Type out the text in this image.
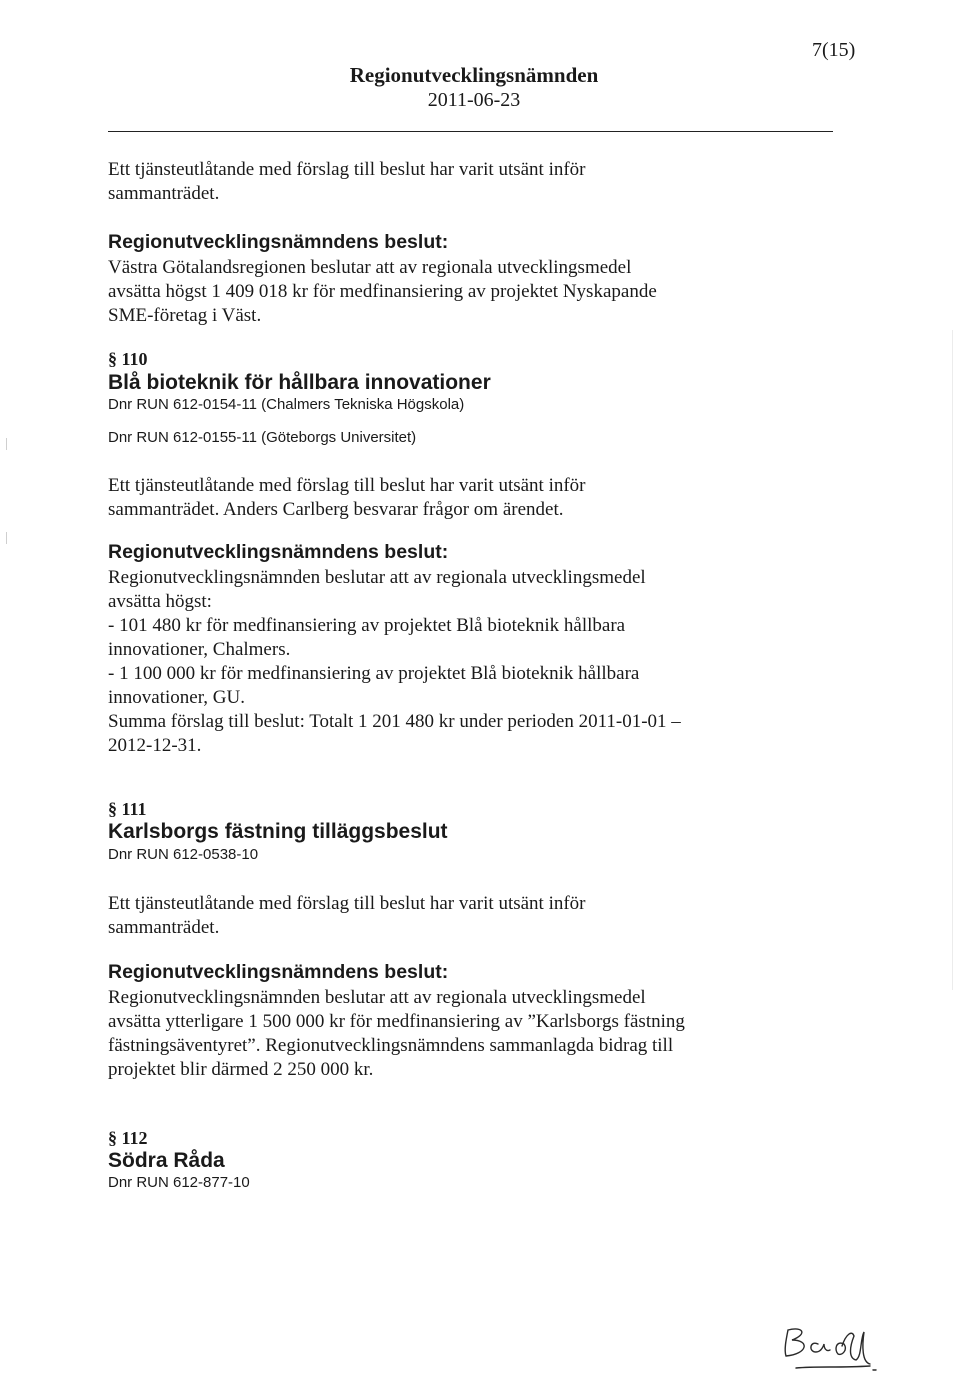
7(15)
Regionutvecklingsnämnden
2011-06-23
Ett tjänsteutlåtande med förslag till beslut har varit utsänt inför
sammanträdet.
Regionutvecklingsnämndens beslut:
Västra Götalandsregionen beslutar att av regionala utvecklingsmedel
avsätta högst 1 409 018 kr för medfinansiering av projektet Nyskapande
SME-företag i Väst.
§ 110
Blå bioteknik för hållbara innovationer
Dnr RUN 612-0154-11 (Chalmers Tekniska Högskola)
Dnr RUN 612-0155-11 (Göteborgs Universitet)
Ett tjänsteutlåtande med förslag till beslut har varit utsänt inför
sammanträdet. Anders Carlberg besvarar frågor om ärendet.
Regionutvecklingsnämndens beslut:
Regionutvecklingsnämnden beslutar att av regionala utvecklingsmedel
avsätta högst:
- 101 480 kr för medfinansiering av projektet Blå bioteknik hållbara
innovationer, Chalmers.
- 1 100 000 kr för medfinansiering av projektet Blå bioteknik hållbara
innovationer, GU.
Summa förslag till beslut: Totalt 1 201 480 kr under perioden 2011-01-01 –
2012-12-31.
§ 111
Karlsborgs fästning tilläggsbeslut
Dnr RUN 612-0538-10
Ett tjänsteutlåtande med förslag till beslut har varit utsänt inför
sammanträdet.
Regionutvecklingsnämndens beslut:
Regionutvecklingsnämnden beslutar att av regionala utvecklingsmedel
avsätta ytterligare 1 500 000 kr för medfinansiering av ”Karlsborgs fästning
fästningsäventyret”. Regionutvecklingsnämndens sammanlagda bidrag till
projektet blir därmed 2 250 000 kr.
§ 112
Södra Råda
Dnr RUN 612-877-10
